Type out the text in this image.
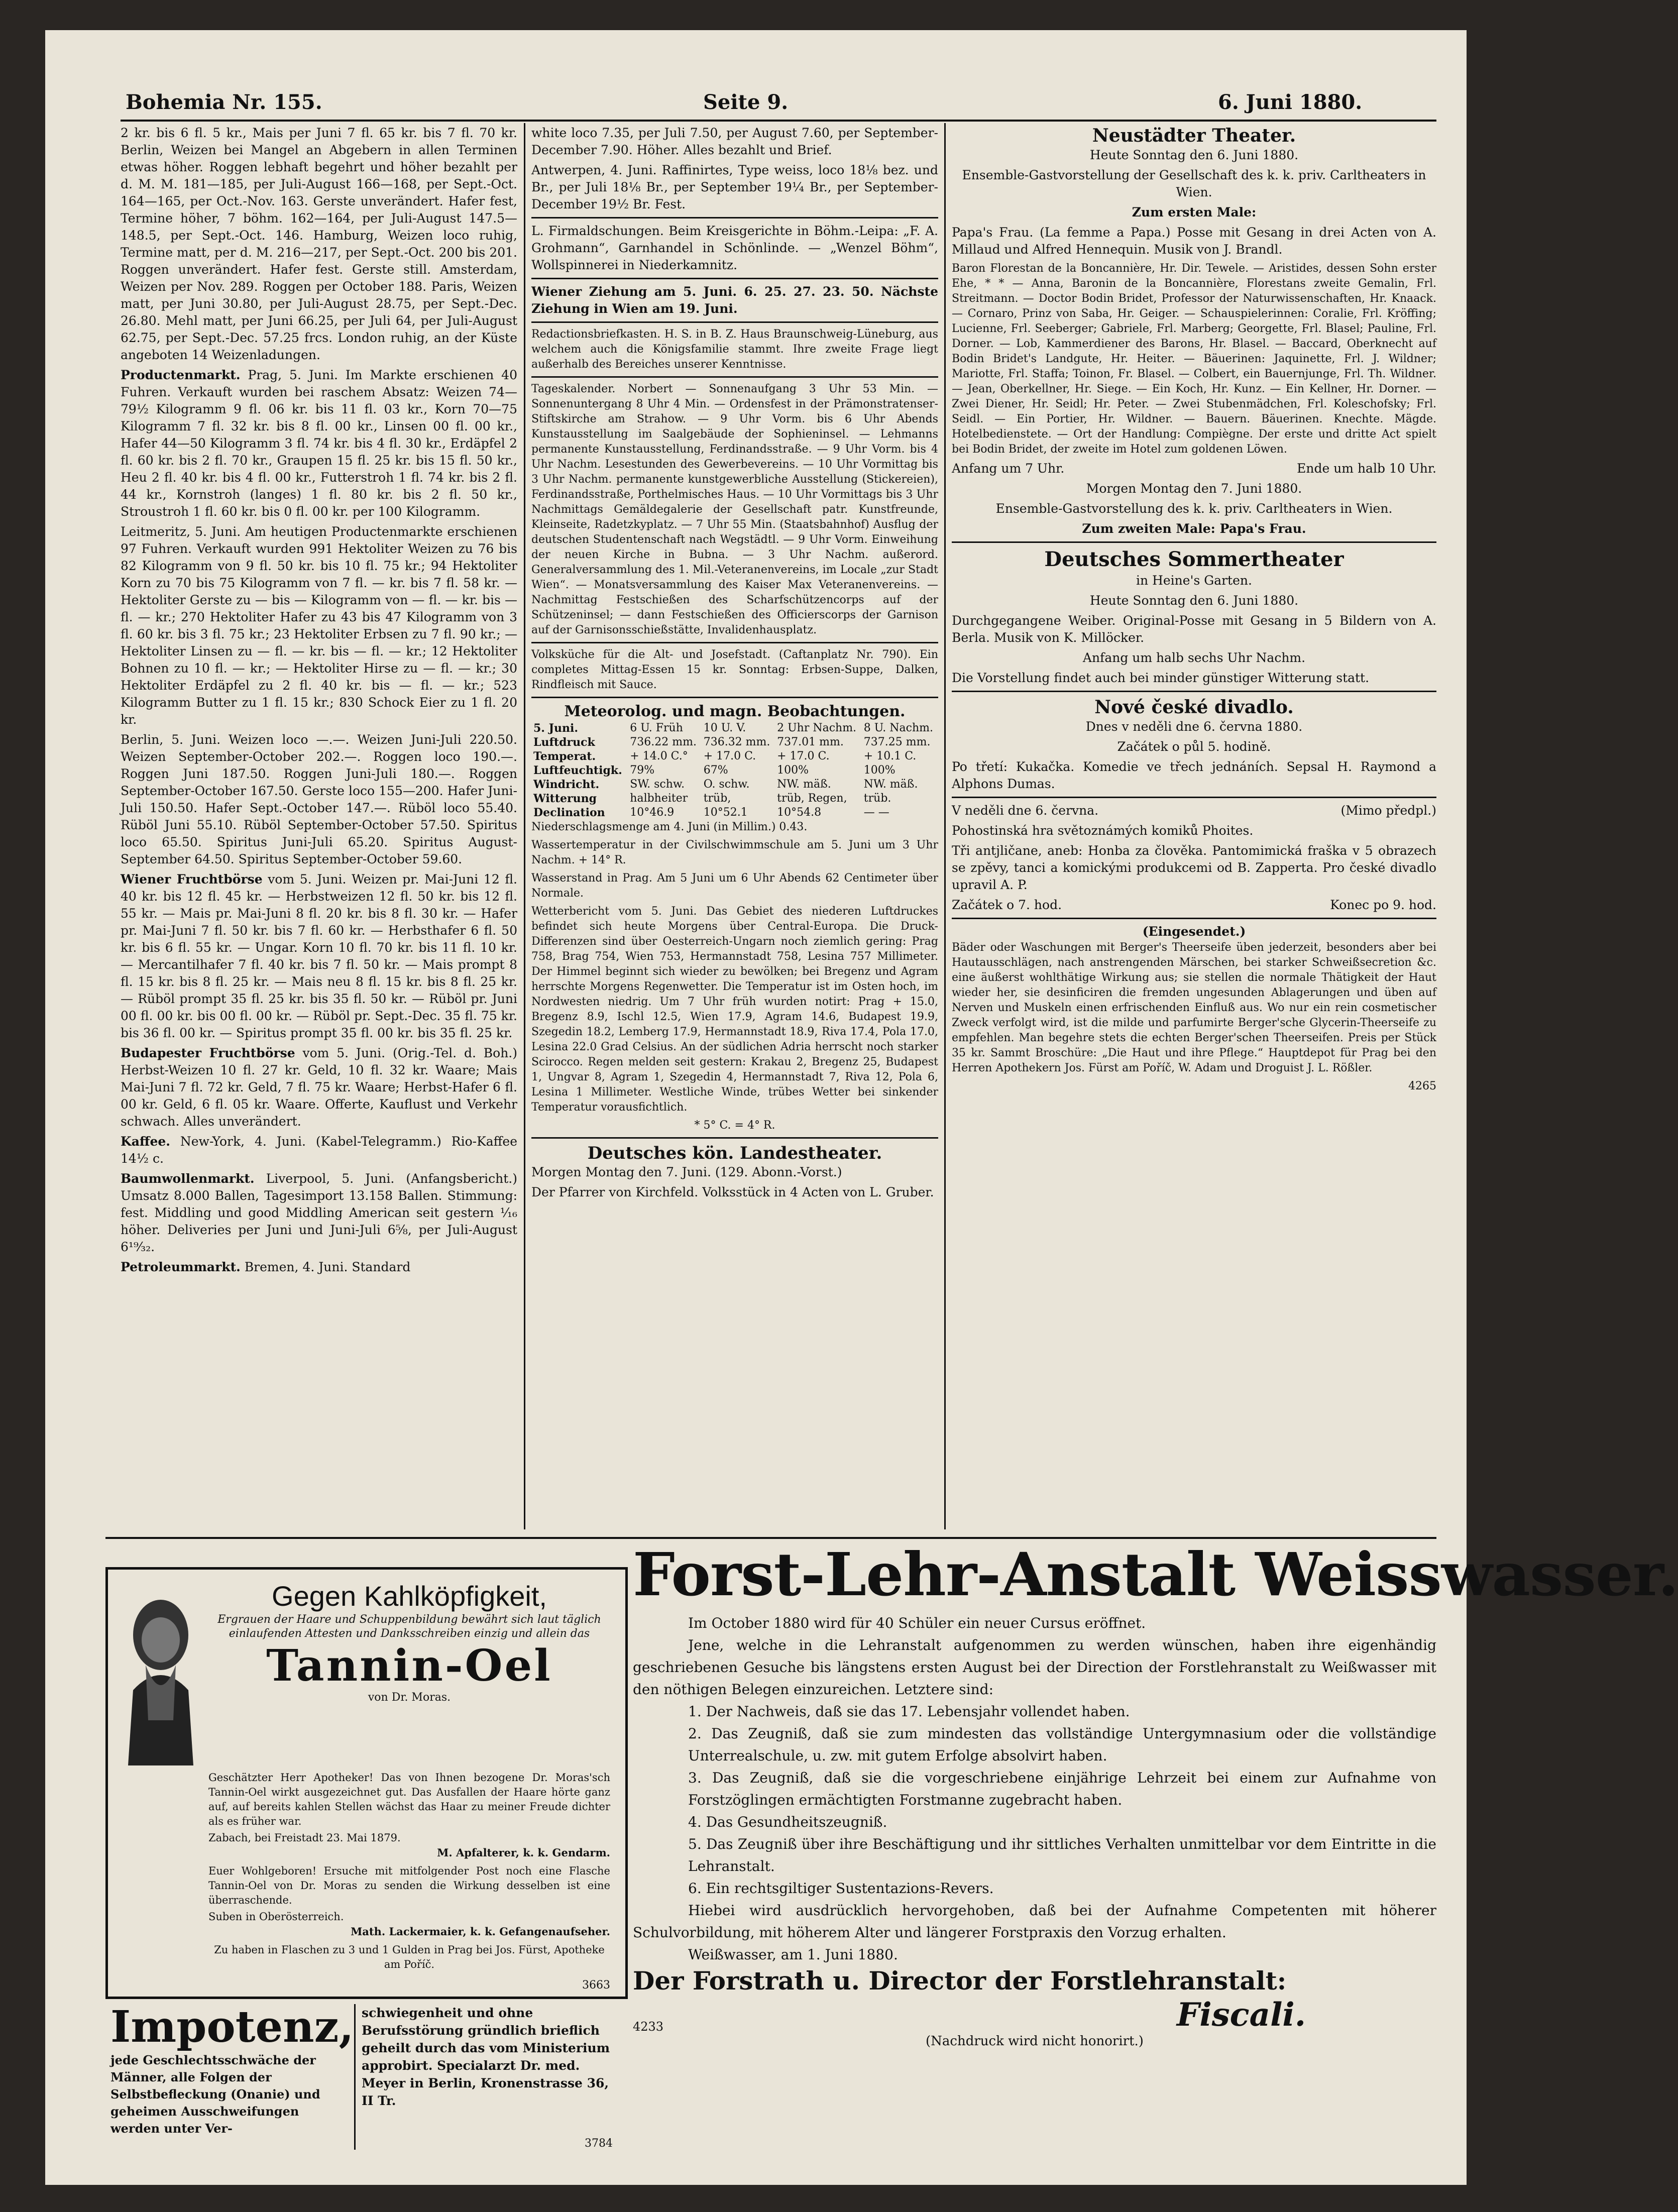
Bohemia Nr. 155.	Seite 9.	6. Juni 1880.

2 kr. bis 6 fl. 5 kr., Mais per Juni 7 fl. 65 kr. bis 7 fl. 70 kr. Berlin, Weizen bei Mangel an Abgebern in allen Terminen etwas höher. Roggen lebhaft begehrt und höher bezahlt per d. M. M. 181—185, per Juli-August 166—168, per Sept.-Oct. 164—165, per Oct.-Nov. 163. Gerste unverändert. Hafer fest, Termine höher, 7 böhm. 162—164, per Juli-August 147.5—148.5, per Sept.-Oct. 146. Hamburg, Weizen loco ruhig, Termine matt, per d. M. 216—217, per Sept.-Oct. 200 bis 201. Roggen unverändert. Hafer fest. Gerste still. Amsterdam, Weizen per Nov. 289. Roggen per October 188. Paris, Weizen matt, per Juni 30.80, per Juli-August 28.75, per Sept.-Dec. 26.80. Mehl matt, per Juni 66.25, per Juli 64, per Juli-August 62.75, per Sept.-Dec. 57.25 frcs. London ruhig, an der Küste angeboten 14 Weizenladungen.

Productenmarkt. Prag, 5. Juni. Im Markte erschienen 40 Fuhren. Verkauft wurden bei raschem Absatz: Weizen 74—79½ Kilogramm 9 fl. 06 kr. bis 11 fl. 03 kr., Korn 70—75 Kilogramm 7 fl. 32 kr. bis 8 fl. 00 kr., Linsen 00 fl. 00 kr., Hafer 44—50 Kilogramm 3 fl. 74 kr. bis 4 fl. 30 kr., Erdäpfel 2 fl. 60 kr. bis 2 fl. 70 kr., Graupen 15 fl. 25 kr. bis 15 fl. 50 kr., Heu 2 fl. 40 kr. bis 4 fl. 00 kr., Futterstroh 1 fl. 74 kr. bis 2 fl. 44 kr., Kornstroh (langes) 1 fl. 80 kr. bis 2 fl. 50 kr., Stroustroh 1 fl. 60 kr. bis 0 fl. 00 kr. per 100 Kilogramm.

Leitmeritz, 5. Juni. Am heutigen Productenmarkte erschienen 97 Fuhren. Verkauft wurden 991 Hektoliter Weizen zu 76 bis 82 Kilogramm von 9 fl. 50 kr. bis 10 fl. 75 kr.; 94 Hektoliter Korn zu 70 bis 75 Kilogramm von 7 fl. — kr. bis 7 fl. 58 kr. — Hektoliter Gerste zu — bis — Kilogramm von — fl. — kr. bis — fl. — kr.; 270 Hektoliter Hafer zu 43 bis 47 Kilogramm von 3 fl. 60 kr. bis 3 fl. 75 kr.; 23 Hektoliter Erbsen zu 7 fl. 90 kr.; — Hektoliter Linsen zu — fl. — kr. bis — fl. — kr.; 12 Hektoliter Bohnen zu 10 fl. — kr.; — Hektoliter Hirse zu — fl. — kr.; 30 Hektoliter Erdäpfel zu 2 fl. 40 kr. bis — fl. — kr.; 523 Kilogramm Butter zu 1 fl. 15 kr.; 830 Schock Eier zu 1 fl. 20 kr.

Berlin, 5. Juni. Weizen loco —.—. Weizen Juni-Juli 220.50. Weizen September-October 202.—. Roggen loco 190.—. Roggen Juni 187.50. Roggen Juni-Juli 180.—. Roggen September-October 167.50. Gerste loco 155—200. Hafer Juni-Juli 150.50. Hafer Sept.-October 147.—. Rüböl loco 55.40. Rüböl Juni 55.10. Rüböl September-October 57.50. Spiritus loco 65.50. Spiritus Juni-Juli 65.20. Spiritus August-September 64.50. Spiritus September-October 59.60.

Wiener Fruchtbörse vom 5. Juni. Weizen pr. Mai-Juni 12 fl. 40 kr. bis 12 fl. 45 kr. — Herbstweizen 12 fl. 50 kr. bis 12 fl. 55 kr. — Mais pr. Mai-Juni 8 fl. 20 kr. bis 8 fl. 30 kr. — Hafer pr. Mai-Juni 7 fl. 50 kr. bis 7 fl. 60 kr. — Herbsthafer 6 fl. 50 kr. bis 6 fl. 55 kr. — Ungar. Korn 10 fl. 70 kr. bis 11 fl. 10 kr. — Mercantilhafer 7 fl. 40 kr. bis 7 fl. 50 kr. — Mais prompt 8 fl. 15 kr. bis 8 fl. 25 kr. — Mais neu 8 fl. 15 kr. bis 8 fl. 25 kr. — Rüböl prompt 35 fl. 25 kr. bis 35 fl. 50 kr. — Rüböl pr. Juni 00 fl. 00 kr. bis 00 fl. 00 kr. — Rüböl pr. Sept.-Dec. 35 fl. 75 kr. bis 36 fl. 00 kr. — Spiritus prompt 35 fl. 00 kr. bis 35 fl. 25 kr.

Budapester Fruchtbörse vom 5. Juni. (Orig.-Tel. d. Boh.) Herbst-Weizen 10 fl. 27 kr. Geld, 10 fl. 32 kr. Waare; Mais Mai-Juni 7 fl. 72 kr. Geld, 7 fl. 75 kr. Waare; Herbst-Hafer 6 fl. 00 kr. Geld, 6 fl. 05 kr. Waare. Offerte, Kauflust und Verkehr schwach. Alles unverändert.

Kaffee. New-York, 4. Juni. (Kabel-Telegramm.) Rio-Kaffee 14½ c.

Baumwollenmarkt. Liverpool, 5. Juni. (Anfangsbericht.) Umsatz 8.000 Ballen, Tagesimport 13.158 Ballen. Stimmung: fest. Middling und good Middling American seit gestern ⅟₁₆ höher. Deliveries per Juni und Juni-Juli 6⅝, per Juli-August 6¹⁹⁄₃₂.

Petroleummarkt. Bremen, 4. Juni. Standard

white loco 7.35, per Juli 7.50, per August 7.60, per September-December 7.90. Höher. Alles bezahlt und Brief.

Antwerpen, 4. Juni. Raffinirtes, Type weiss, loco 18⅛ bez. und Br., per Juli 18⅛ Br., per September 19¼ Br., per September-December 19½ Br. Fest.

L. Firmaldschungen. Beim Kreisgerichte in Böhm.-Leipa: „F. A. Grohmann“, Garnhandel in Schönlinde. — „Wenzel Böhm“, Wollspinnerei in Niederkamnitz.

Wiener Ziehung am 5. Juni. 6. 25. 27. 23. 50. Nächste Ziehung in Wien am 19. Juni.

Redactionsbriefkasten. H. S. in B. Z. Haus Braunschweig-Lüneburg, aus welchem auch die Königsfamilie stammt. Ihre zweite Frage liegt außerhalb des Bereiches unserer Kenntnisse.

Tageskalender. Norbert — Sonnenaufgang 3 Uhr 53 Min. — Sonnenuntergang 8 Uhr 4 Min. — Ordensfest in der Prämonstratenser-Stiftskirche am Strahow. — 9 Uhr Vorm. bis 6 Uhr Abends Kunstausstellung im Saalgebäude der Sophieninsel. — Lehmanns permanente Kunstausstellung, Ferdinandsstraße. — 9 Uhr Vorm. bis 4 Uhr Nachm. Lesestunden des Gewerbevereins. — 10 Uhr Vormittag bis 3 Uhr Nachm. permanente kunstgewerbliche Ausstellung (Stickereien), Ferdinandsstraße, Porthelmisches Haus. — 10 Uhr Vormittags bis 3 Uhr Nachmittags Gemäldegalerie der Gesellschaft patr. Kunstfreunde, Kleinseite, Radetzkyplatz. — 7 Uhr 55 Min. (Staatsbahnhof) Ausflug der deutschen Studentenschaft nach Wegstädtl. — 9 Uhr Vorm. Einweihung der neuen Kirche in Bubna. — 3 Uhr Nachm. außerord. Generalversammlung des 1. Mil.-Veteranenvereins, im Locale „zur Stadt Wien“. — Monatsversammlung des Kaiser Max Veteranenvereins. — Nachmittag Festschießen des Scharfschützencorps auf der Schützeninsel; — dann Festschießen des Officierscorps der Garnison auf der Garnisonsschießstätte, Invalidenhausplatz.

Volksküche für die Alt- und Josefstadt. (Caftanplatz Nr. 790). Ein completes Mittag-Essen 15 kr. Sonntag: Erbsen-Suppe, Dalken, Rindfleisch mit Sauce.

Meteorolog. und magn. Beobachtungen.
5. Juni.	6 U. Früh	10 U. V.	2 Uhr Nachm.	8 U. Nachm.
Luftdruck	736.22 mm.	736.32 mm.	737.01 mm.	737.25 mm.
Temperat.	+ 14.0 C.°	+ 17.0 C.	+ 17.0 C.	+ 10.1 C.
Luftfeuchtigk.	79%	67%	100%	100%
Windricht.	SW. schw.	O. schw.	NW. mäß.	NW. mäß.
Witterung	halbheiter	trüb,	trüb, Regen,	trüb.
Declination	10°46.9	10°52.1	10°54.8	— —

Niederschlagsmenge am 4. Juni (in Millim.) 0.43.

Wassertemperatur in der Civilschwimmschule am 5. Juni um 3 Uhr Nachm. + 14° R.

Wasserstand in Prag. Am 5 Juni um 6 Uhr Abends 62 Centimeter über Normale.

Wetterbericht vom 5. Juni. Das Gebiet des niederen Luftdruckes befindet sich heute Morgens über Central-Europa. Die Druck-Differenzen sind über Oesterreich-Ungarn noch ziemlich gering: Prag 758, Brag 754, Wien 753, Hermannstadt 758, Lesina 757 Millimeter. Der Himmel beginnt sich wieder zu bewölken; bei Bregenz und Agram herrschte Morgens Regenwetter. Die Temperatur ist im Osten hoch, im Nordwesten niedrig. Um 7 Uhr früh wurden notirt: Prag + 15.0, Bregenz 8.9, Ischl 12.5, Wien 17.9, Agram 14.6, Budapest 19.9, Szegedin 18.2, Lemberg 17.9, Hermannstadt 18.9, Riva 17.4, Pola 17.0, Lesina 22.0 Grad Celsius. An der südlichen Adria herrscht noch starker Scirocco. Regen melden seit gestern: Krakau 2, Bregenz 25, Budapest 1, Ungvar 8, Agram 1, Szegedin 4, Hermannstadt 7, Riva 12, Pola 6, Lesina 1 Millimeter. Westliche Winde, trübes Wetter bei sinkender Temperatur vorausfichtlich.

* 5° C. = 4° R.

Deutsches kön. Landestheater.

Morgen Montag den 7. Juni. (129. Abonn.-Vorst.)

Der Pfarrer von Kirchfeld. Volksstück in 4 Acten von L. Gruber.

Neustädter Theater.

Heute Sonntag den 6. Juni 1880.

Ensemble-Gastvorstellung der Gesellschaft des k. k. priv. Carltheaters in Wien.

Zum ersten Male:

Papa's Frau. (La femme a Papa.) Posse mit Gesang in drei Acten von A. Millaud und Alfred Hennequin. Musik von J. Brandl.

Baron Florestan de la Boncannière, Hr. Dir. Tewele. — Aristides, dessen Sohn erster Ehe, * * — Anna, Baronin de la Boncannière, Florestans zweite Gemalin, Frl. Streitmann. — Doctor Bodin Bridet, Professor der Naturwissenschaften, Hr. Knaack. — Cornaro, Prinz von Saba, Hr. Geiger. — Schauspielerinnen: Coralie, Frl. Kröffing; Lucienne, Frl. Seeberger; Gabriele, Frl. Marberg; Georgette, Frl. Blasel; Pauline, Frl. Dorner. — Lob, Kammerdiener des Barons, Hr. Blasel. — Baccard, Oberknecht auf Bodin Bridet's Landgute, Hr. Heiter. — Bäuerinen: Jaquinette, Frl. J. Wildner; Mariotte, Frl. Staffa; Toinon, Fr. Blasel. — Colbert, ein Bauernjunge, Frl. Th. Wildner. — Jean, Oberkellner, Hr. Siege. — Ein Koch, Hr. Kunz. — Ein Kellner, Hr. Dorner. — Zwei Diener, Hr. Seidl; Hr. Peter. — Zwei Stubenmädchen, Frl. Koleschofsky; Frl. Seidl. — Ein Portier, Hr. Wildner. — Bauern. Bäuerinen. Knechte. Mägde. Hotelbedienstete. — Ort der Handlung: Compiègne. Der erste und dritte Act spielt bei Bodin Bridet, der zweite im Hotel zum goldenen Löwen.

Anfang um 7 Uhr.	Ende um halb 10 Uhr.

Morgen Montag den 7. Juni 1880.

Ensemble-Gastvorstellung des k. k. priv. Carltheaters in Wien.

Zum zweiten Male: Papa's Frau.

Deutsches Sommertheater

in Heine's Garten.

Heute Sonntag den 6. Juni 1880.

Durchgegangene Weiber. Original-Posse mit Gesang in 5 Bildern von A. Berla. Musik von K. Millöcker.

Anfang um halb sechs Uhr Nachm.

Die Vorstellung findet auch bei minder günstiger Witterung statt.

Nové české divadlo.

Dnes v neděli dne 6. června 1880.

Začátek o půl 5. hodině.

Po třetí: Kukačka. Komedie ve třech jednáních. Sepsal H. Raymond a Alphons Dumas.

V neděli dne 6. června.	(Mimo předpl.)

Pohostinská hra světoznámých komiků Phoites.

Tři antjličane, aneb: Honba za člověka. Pantomimická fraška v 5 obrazech se zpěvy, tanci a komickými produkcemi od B. Zapperta. Pro české divadlo upravil A. P.

Začátek o 7. hod.	Konec po 9. hod.

(Eingesendet.)

Bäder oder Waschungen mit Berger's Theerseife üben jederzeit, besonders aber bei Hautausschlägen, nach anstrengenden Märschen, bei starker Schweißsecretion &c. eine äußerst wohlthätige Wirkung aus; sie stellen die normale Thätigkeit der Haut wieder her, sie desinficiren die fremden ungesunden Ablagerungen und üben auf Nerven und Muskeln einen erfrischenden Einfluß aus. Wo nur ein rein cosmetischer Zweck verfolgt wird, ist die milde und parfumirte Berger'sche Glycerin-Theerseife zu empfehlen. Man begehre stets die echten Berger'schen Theerseifen. Preis per Stück 35 kr. Sammt Broschüre: „Die Haut und ihre Pflege.“ Hauptdepot für Prag bei den Herren Apothekern Jos. Fürst am Poříč, W. Adam und Droguist J. L. Rößler.

4265

Gegen Kahlköpfigkeit,
Ergrauen der Haare und Schuppenbildung bewährt sich laut täglich einlaufenden Attesten und Danksschreiben einzig und allein das
Tannin-Oel
von Dr. Moras.

Geschätzter Herr Apotheker! Das von Ihnen bezogene Dr. Moras'sch Tannin-Oel wirkt ausgezeichnet gut. Das Ausfallen der Haare hörte ganz auf, auf bereits kahlen Stellen wächst das Haar zu meiner Freude dichter als es früher war.

Zabach, bei Freistadt 23. Mai 1879.

M. Apfalterer, k. k. Gendarm.

Euer Wohlgeboren! Ersuche mit mitfolgender Post noch eine Flasche Tannin-Oel von Dr. Moras zu senden die Wirkung desselben ist eine überraschende.

Suben in Oberösterreich.

Math. Lackermaier, k. k. Gefangenaufseher.

Zu haben in Flaschen zu 3 und 1 Gulden in Prag bei Jos. Fürst, Apotheke am Poříč.

3663
Impotenz,
jede Geschlechtsschwäche der Männer, alle Folgen der Selbstbefleckung (Onanie) und geheimen Ausschweifungen werden unter Ver-
schwiegenheit und ohne Berufsstörung gründlich brieflich geheilt durch das vom Ministerium approbirt. Specialarzt Dr. med. Meyer in Berlin, Kronenstrasse 36, II Tr.
3784
Forst-Lehr-Anstalt Weisswasser.

Im October 1880 wird für 40 Schüler ein neuer Cursus eröffnet.

Jene, welche in die Lehranstalt aufgenommen zu werden wünschen, haben ihre eigenhändig geschriebenen Gesuche bis längstens ersten August bei der Direction der Forstlehranstalt zu Weißwasser mit den nöthigen Belegen einzureichen. Letztere sind:

1. Der Nachweis, daß sie das 17. Lebensjahr vollendet haben.

2. Das Zeugniß, daß sie zum mindesten das vollständige Untergymnasium oder die vollständige Unterrealschule, u. zw. mit gutem Erfolge absolvirt haben.

3. Das Zeugniß, daß sie die vorgeschriebene einjährige Lehrzeit bei einem zur Aufnahme von Forstzöglingen ermächtigten Forstmanne zugebracht haben.

4. Das Gesundheitszeugniß.

5. Das Zeugniß über ihre Beschäftigung und ihr sittliches Verhalten unmittelbar vor dem Eintritte in die Lehranstalt.

6. Ein rechtsgiltiger Sustentazions-Revers.

Hiebei wird ausdrücklich hervorgehoben, daß bei der Aufnahme Competenten mit höherer Schulvorbildung, mit höherem Alter und längerer Forstpraxis den Vorzug erhalten.

Weißwasser, am 1. Juni 1880.

Der Forstrath u. Director der Forstlehranstalt:
4233	Fiscali.
(Nachdruck wird nicht honorirt.)
